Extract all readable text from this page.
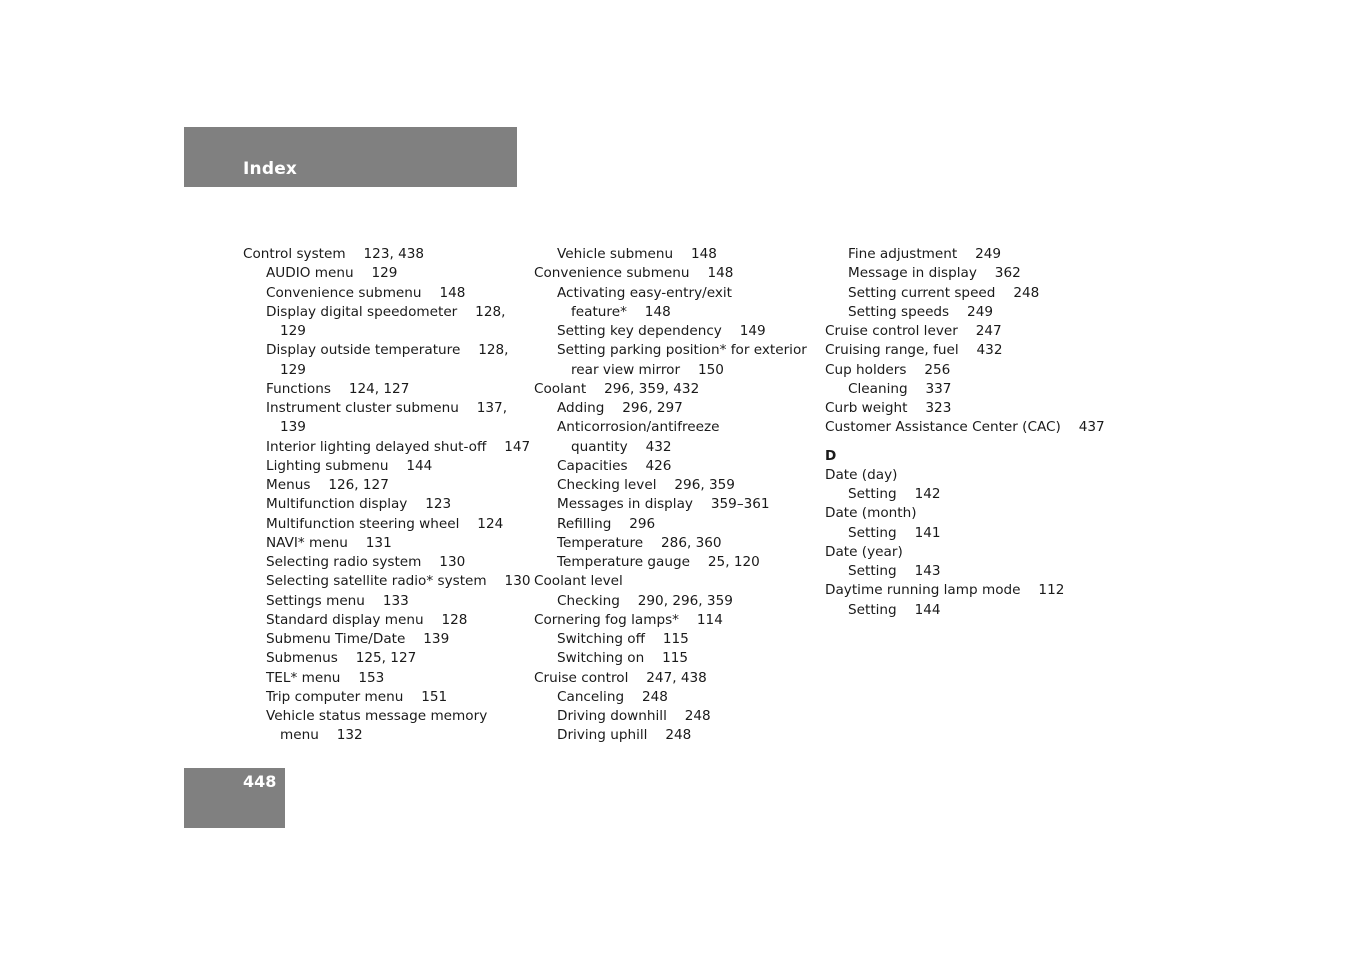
Index
Control system  123, 438
AUDIO menu  129
Convenience submenu  148
Display digital speedometer  128,
129
Display outside temperature  128,
129
Functions  124, 127
Instrument cluster submenu  137,
139
Interior lighting delayed shut-off  147
Lighting submenu  144
Menus  126, 127
Multifunction display  123
Multifunction steering wheel  124
NAVI* menu  131
Selecting radio system  130
Selecting satellite radio* system  130
Settings menu  133
Standard display menu  128
Submenu Time/Date  139
Submenus  125, 127
TEL* menu  153
Trip computer menu  151
Vehicle status message memory
menu  132
Vehicle submenu  148
Convenience submenu  148
Activating easy-entry/exit
feature*  148
Setting key dependency  149
Setting parking position* for exterior
rear view mirror  150
Coolant  296, 359, 432
Adding  296, 297
Anticorrosion/antifreeze
quantity  432
Capacities  426
Checking level  296, 359
Messages in display  359–361
Refilling  296
Temperature  286, 360
Temperature gauge  25, 120
Coolant level
Checking  290, 296, 359
Cornering fog lamps*  114
Switching off  115
Switching on  115
Cruise control  247, 438
Canceling  248
Driving downhill  248
Driving uphill  248
Fine adjustment  249
Message in display  362
Setting current speed  248
Setting speeds  249
Cruise control lever  247
Cruising range, fuel  432
Cup holders  256
Cleaning  337
Curb weight  323
Customer Assistance Center (CAC)  437
D
Date (day)
Setting  142
Date (month)
Setting  141
Date (year)
Setting  143
Daytime running lamp mode  112
Setting  144
448
